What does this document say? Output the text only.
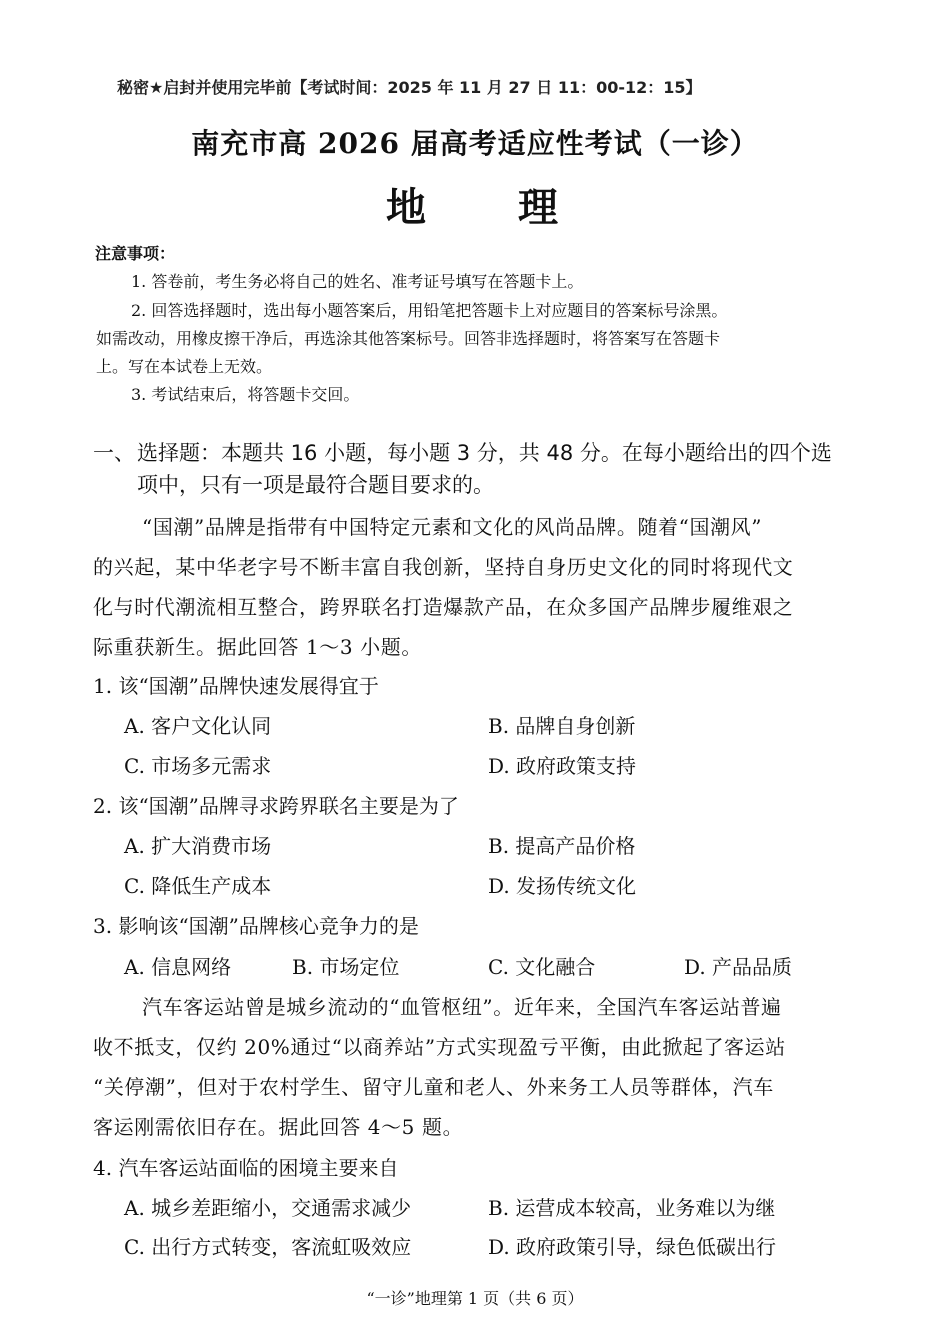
秘密★启封并使用完毕前【考试时间：2025 年 11 月 27 日 11：00-12：15】
南充市高 2026 届高考适应性考试（一诊）
地　理
注意事项：
1. 答卷前，考生务必将自己的姓名、准考证号填写在答题卡上。
2. 回答选择题时，选出每小题答案后，用铅笔把答题卡上对应题目的答案标号涂黑。
如需改动，用橡皮擦干净后，再选涂其他答案标号。回答非选择题时，将答案写在答题卡
上。写在本试卷上无效。
3. 考试结束后，将答题卡交回。
一、选择题：本题共 16 小题，每小题 3 分，共 48 分。在每小题给出的四个选
项中，只有一项是最符合题目要求的。
“国潮”品牌是指带有中国特定元素和文化的风尚品牌。随着“国潮风”
的兴起，某中华老字号不断丰富自我创新，坚持自身历史文化的同时将现代文
化与时代潮流相互整合，跨界联名打造爆款产品，在众多国产品牌步履维艰之
际重获新生。据此回答 1～3 小题。
1. 该“国潮”品牌快速发展得宜于
A. 客户文化认同	B. 品牌自身创新
C. 市场多元需求	D. 政府政策支持
2. 该“国潮”品牌寻求跨界联名主要是为了
A. 扩大消费市场	B. 提高产品价格
C. 降低生产成本	D. 发扬传统文化
3. 影响该“国潮”品牌核心竞争力的是
A. 信息网络	B. 市场定位	C. 文化融合	D. 产品品质
汽车客运站曾是城乡流动的“血管枢纽”。近年来，全国汽车客运站普遍
收不抵支，仅约 20%通过“以商养站”方式实现盈亏平衡，由此掀起了客运站
“关停潮”，但对于农村学生、留守儿童和老人、外来务工人员等群体，汽车
客运刚需依旧存在。据此回答 4～5 题。
4. 汽车客运站面临的困境主要来自
A. 城乡差距缩小，交通需求减少	B. 运营成本较高，业务难以为继
C. 出行方式转变，客流虹吸效应	D. 政府政策引导，绿色低碳出行
“一诊”地理第 1 页（共 6 页）
